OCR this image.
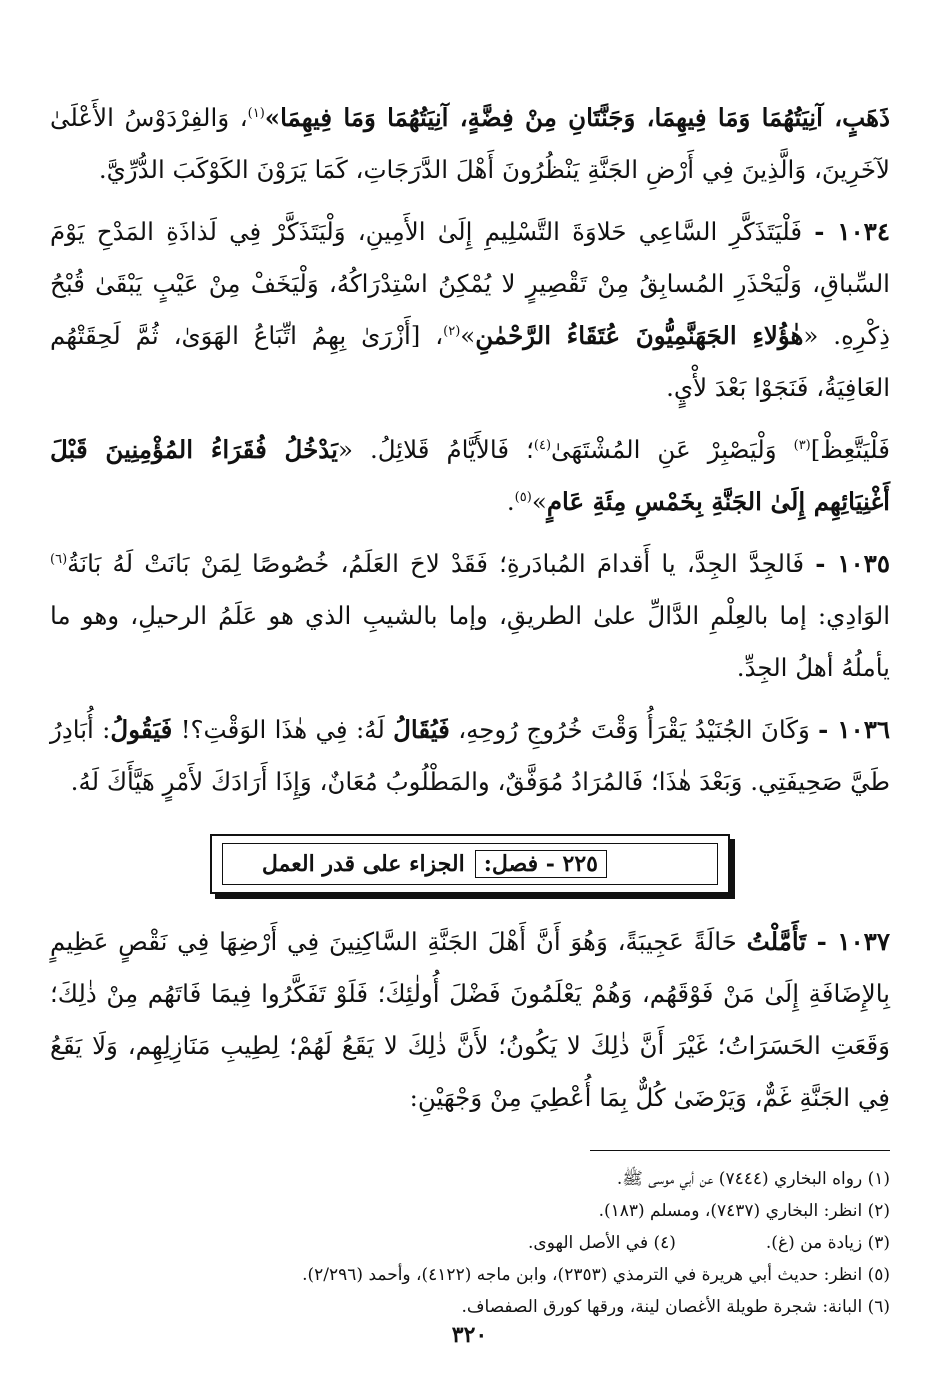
ذَهَبٍ، آنِيَتُهُمَا وَمَا فِيهِمَا، وَجَنَّتَانِ مِنْ فِضَّةٍ، آنِيَتُهُمَا وَمَا فِيهِمَا»$^{(١)}$، وَالفِرْدَوْسُ الأَعْلَىٰ لآخَرِينَ، وَالَّذِينَ فِي أَرْضِ الجَنَّةِ يَنْظُرُونَ أَهْلَ الدَّرَجَاتِ، كَمَا يَرَوْنَ الكَوْكَبَ الدُّرِّيَّ.

١٠٣٤ - فَلْيَتَذَكَّرِ السَّاعِي حَلاوَةَ التَّسْلِيمِ إِلَىٰ الأَمِينِ، وَلْيَتَذَكَّرْ فِي لَذاذَةِ المَدْحِ يَوْمَ السِّباقِ، وَلْيَحْذَرِ المُسابِقُ مِنْ تَقْصِيرٍ لا يُمْكِنُ اسْتِدْرَاكُهُ، وَلْيَخَفْ مِنْ عَيْبٍ يَبْقَىٰ قُبْحُ ذِكْرِهِ. «هٰؤُلاءِ الجَهَنَّمِيُّونَ عُتَقَاءُ الرَّحْمٰنِ»$^{(٢)}$، [أَزْرَىٰ بِهِمُ اتِّبَاعُ الهَوَىٰ، ثُمَّ لَحِقَتْهُم العَافِيَةُ، فَنَجَوْا بَعْدَ لأْيٍ.

فَلْيَتَّعِظْ]$^{(٣)}$ وَلْيَصْبِرْ عَنِ المُشْتَهَىٰ$^{(٤)}$؛ فَالأَيَّامُ قَلائِلُ. «يَدْخُلُ فُقَرَاءُ المُؤْمِنِينَ قَبْلَ أَغْنِيَائِهِم إِلَىٰ الجَنَّةِ بِخَمْسِ مِئَةِ عَامٍ»$^{(٥)}$.

١٠٣٥ - فَالجِدَّ الجِدَّ، يا أَقدامَ المُبادَرةِ؛ فَقَدْ لاحَ العَلَمُ، خُصُوصًا لِمَنْ بَانَتْ لَهُ بَانَةُ$^{(٦)}$ الوَادِي: إما بالعِلْمِ الدَّالِّ علىٰ الطريقِ، وإما بالشيبِ الذي هو عَلَمُ الرحيلِ، وهو ما يأملُهُ أهلُ الجِدِّ.

١٠٣٦ - وَكَانَ الجُنَيْدُ يَقْرَأُ وَقْتَ خُرُوجِ رُوحِهِ، فَيُقَالُ لَهُ: فِي هٰذَا الوَقْتِ؟! فَيَقُولُ: أُبَادِرُ طَيَّ صَحِيفَتِي. وَبَعْدَ هٰذَا؛ فَالمُرَادُ مُوَفَّقٌ، والمَطْلُوبُ مُعَانٌ، وَإِذَا أَرَادَكَ لأَمْرٍ هَيَّأَكَ لَهُ.

٢٢٥ - فصل:
الجزاء على قدر العمل

١٠٣٧ - تَأَمَّلْتُ حَالَةً عَجِيبَةً، وَهُوَ أَنَّ أَهْلَ الجَنَّةِ السَّاكِنِينَ فِي أَرْضِهَا فِي نَقْصٍ عَظِيمٍ بِالإِضَافَةِ إِلَىٰ مَنْ فَوْقَهُم، وَهُمْ يَعْلَمُونَ فَضْلَ أُولٰئِكَ؛ فَلَوْ تَفَكَّرُوا فِيمَا فَاتَهُم مِنْ ذٰلِكَ؛ وَقَعَتِ الحَسَرَاتُ؛ غَيْرَ أَنَّ ذٰلِكَ لا يَكُونُ؛ لأَنَّ ذٰلِكَ لا يَقَعُ لَهُمْ؛ لِطِيبِ مَنَازِلِهِم، وَلَا يَقَعُ فِي الجَنَّةِ غَمٌّ، وَيَرْضَىٰ كُلٌّ بِمَا أُعْطِيَ مِنْ وَجْهَيْنِ:

(١) رواه البخاري (٧٤٤٤) عن أبي موسى ﷺ.

(٢) انظر: البخاري (٧٤٣٧)، ومسلم (١٨٣).

(٣) زيادة من (غ).

(٤) في الأصل الهوى.

(٥) انظر: حديث أبي هريرة في الترمذي (٢٣٥٣)، وابن ماجه (٤١٢٢)، وأحمد (٢/٢٩٦).

(٦) البانة: شجرة طويلة الأغصان لينة، ورقها كورق الصفصاف.

٣٢٠
